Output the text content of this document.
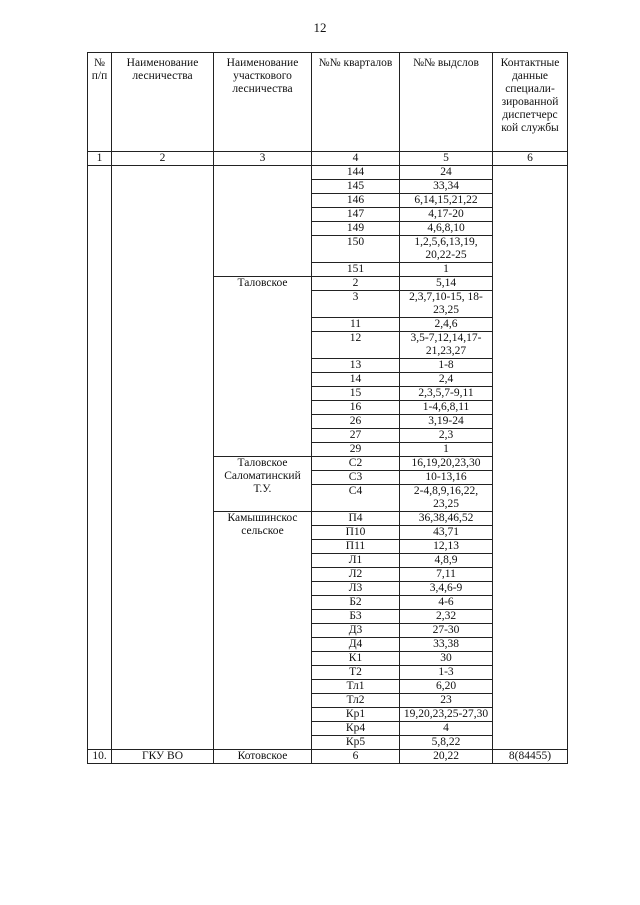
12
№ п/п	Наименование лесничества	Наименование участкового лесничества	№№ кварталов	№№ выдслов	Контактные данные специали-зированной диспетчерс кой службы
1	2	3	4	5	6
			144	24	
			145	33,34	
			146	6,14,15,21,22	
			147	4,17-20	
			149	4,6,8,10	
			150	1,2,5,6,13,19, 20,22-25	
			151	1	
		Таловское	2	5,14	
			3	2,3,7,10-15, 18-23,25	
			11	2,4,6	
			12	3,5-7,12,14,17-21,23,27	
			13	1-8	
			14	2,4	
			15	2,3,5,7-9,11	
			16	1-4,6,8,11	
			26	3,19-24	
			27	2,3	
			29	1	
		Таловское Саломатинский Т.У.	С2	16,19,20,23,30	
			С3	10-13,16	
			С4	2-4,8,9,16,22, 23,25	
		Камышинскос сельское	П4	36,38,46,52	
			П10	43,71	
			П11	12,13	
			Л1	4,8,9	
			Л2	7,11	
			Л3	3,4,6-9	
			Б2	4-6	
			Б3	2,32	
			Д3	27-30	
			Д4	33,38	
			К1	30	
			Т2	1-3	
			Тл1	6,20	
			Тл2	23	
			Кр1	19,20,23,25-27,30	
			Кр4	4	
			Кр5	5,8,22	
10.	ГКУ ВО	Котовское	6	20,22	8(84455)
